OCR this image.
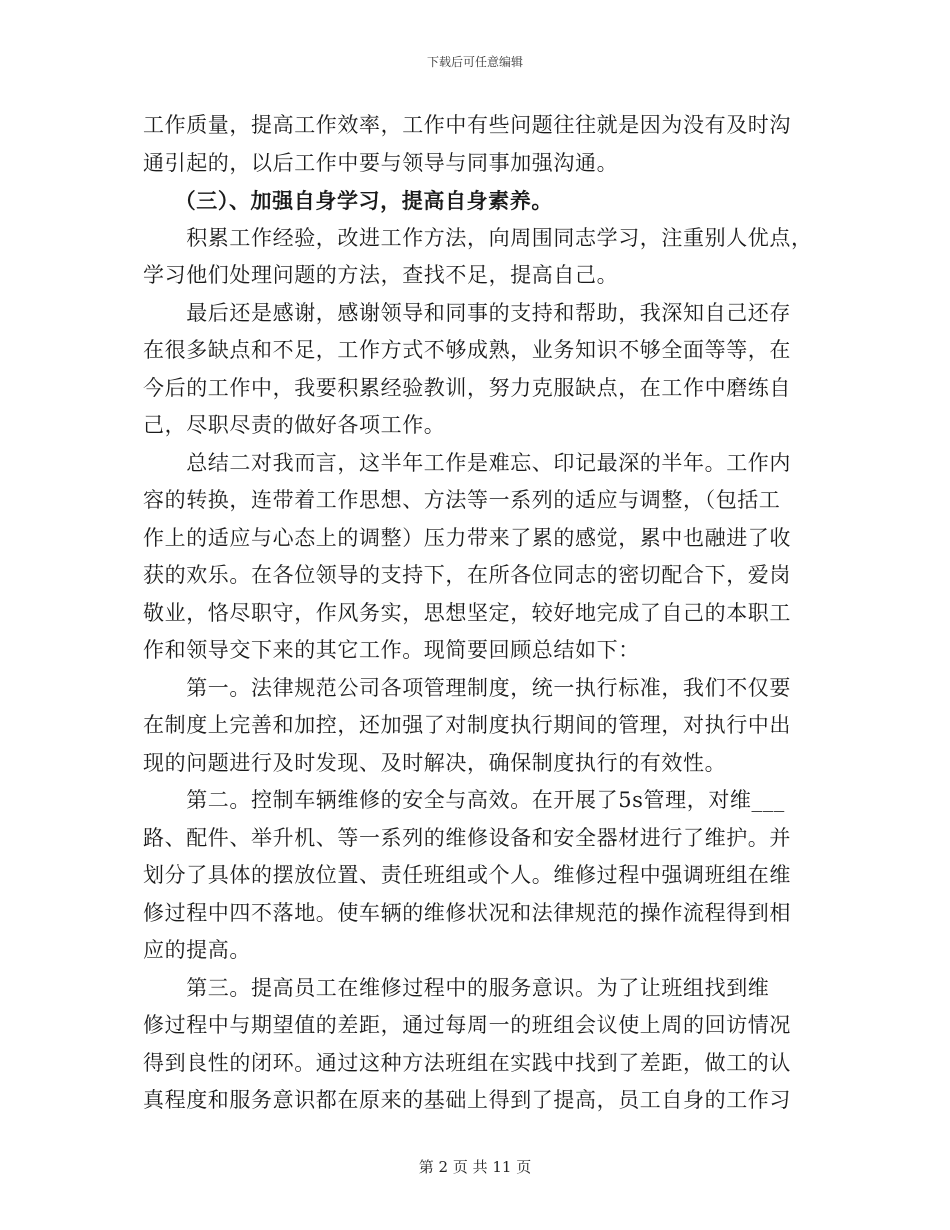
下载后可任意编辑
工作质量，提高工作效率，工作中有些问题往往就是因为没有及时沟
通引起的，以后工作中要与领导与同事加强沟通。
（三）、加强自身学习，提高自身素养。
　　积累工作经验，改进工作方法，向周围同志学习，注重别人优点，
学习他们处理问题的方法，查找不足，提高自己。
　　最后还是感谢，感谢领导和同事的支持和帮助，我深知自己还存
在很多缺点和不足，工作方式不够成熟，业务知识不够全面等等，在
今后的工作中，我要积累经验教训，努力克服缺点，在工作中磨练自
己，尽职尽责的做好各项工作。
　　总结二对我而言，这半年工作是难忘、印记最深的半年。工作内
容的转换，连带着工作思想、方法等一系列的适应与调整，（包括工
作上的适应与心态上的调整）压力带来了累的感觉，累中也融进了收
获的欢乐。在各位领导的支持下，在所各位同志的密切配合下，爱岗
敬业，恪尽职守，作风务实，思想坚定，较好地完成了自己的本职工
作和领导交下来的其它工作。现简要回顾总结如下：
　　第一。法律规范公司各项管理制度，统一执行标准，我们不仅要
在制度上完善和加控，还加强了对制度执行期间的管理，对执行中出
现的问题进行及时发现、及时解决，确保制度执行的有效性。
　　第二。控制车辆维修的安全与高效。在开展了5s管理，对维___
路、配件、举升机、等一系列的维修设备和安全器材进行了维护。并
划分了具体的摆放位置、责任班组或个人。维修过程中强调班组在维
修过程中四不落地。使车辆的维修状况和法律规范的操作流程得到相
应的提高。
　　第三。提高员工在维修过程中的服务意识。为了让班组找到维
修过程中与期望值的差距，通过每周一的班组会议使上周的回访情况
得到良性的闭环。通过这种方法班组在实践中找到了差距，做工的认
真程度和服务意识都在原来的基础上得到了提高，员工自身的工作习
第 2 页 共 11 页
